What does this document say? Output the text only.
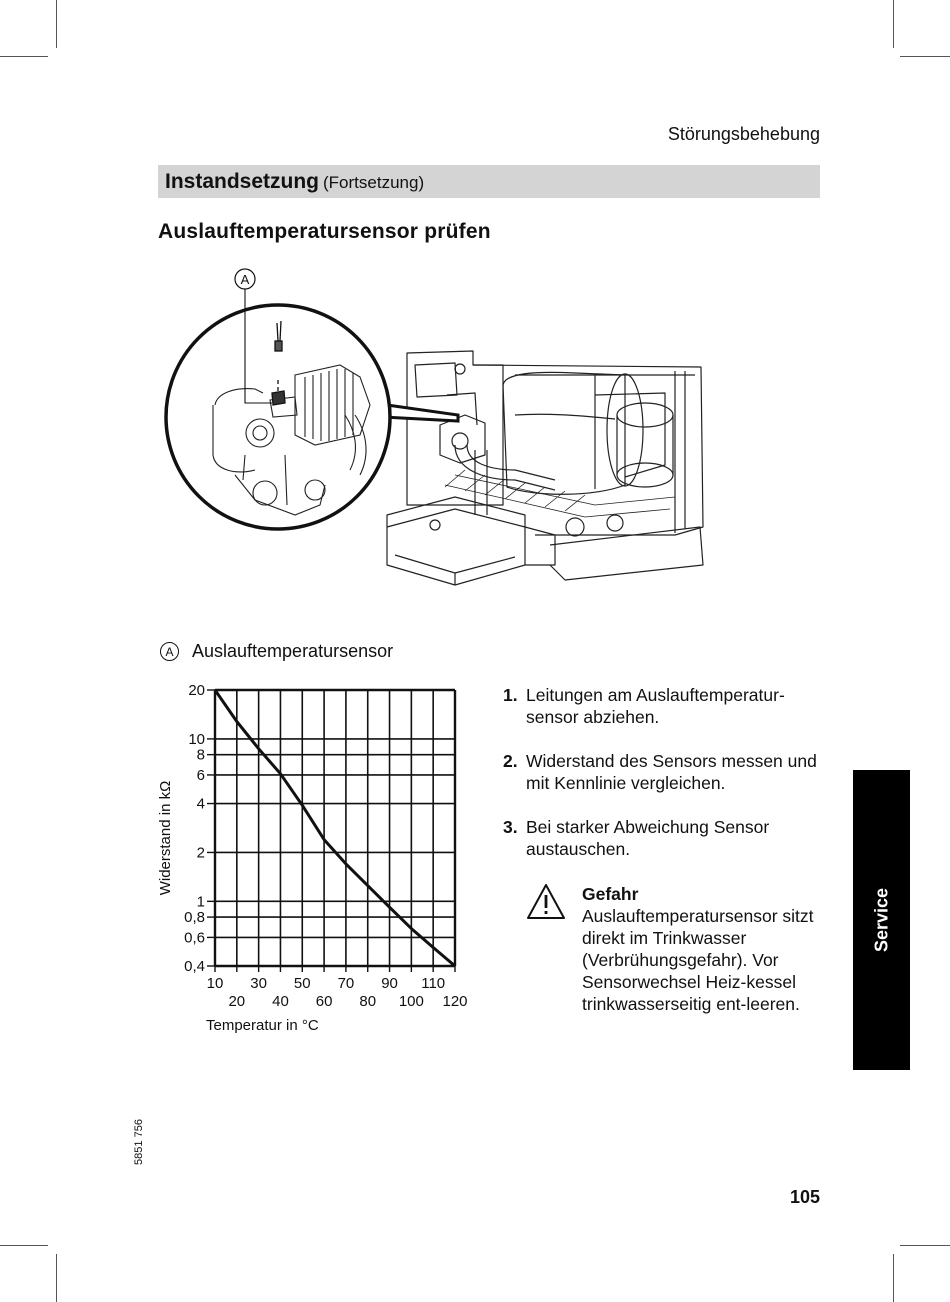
Störungsbehebung
Instandsetzung (Fortsetzung)
Auslauftemperatursensor prüfen
A
A	Auslauftemperatursensor
20
10
8
6
4
2
1
0,8
0,6
0,4
10 30 50 70 90 110
20 40 60 80 100 120
Temperatur in °C
Widerstand in kΩ
1. Leitungen am Auslauftemperatur-sensor abziehen.
2. Widerstand des Sensors messen und mit Kennlinie vergleichen.
3. Bei starker Abweichung Sensor austauschen.
Gefahr
Auslauftemperatursensor sitzt direkt im Trinkwasser (Verbrühungsgefahr). Vor Sensorwechsel Heiz-kessel trinkwasserseitig ent-leeren.
Service
5851 756
105
